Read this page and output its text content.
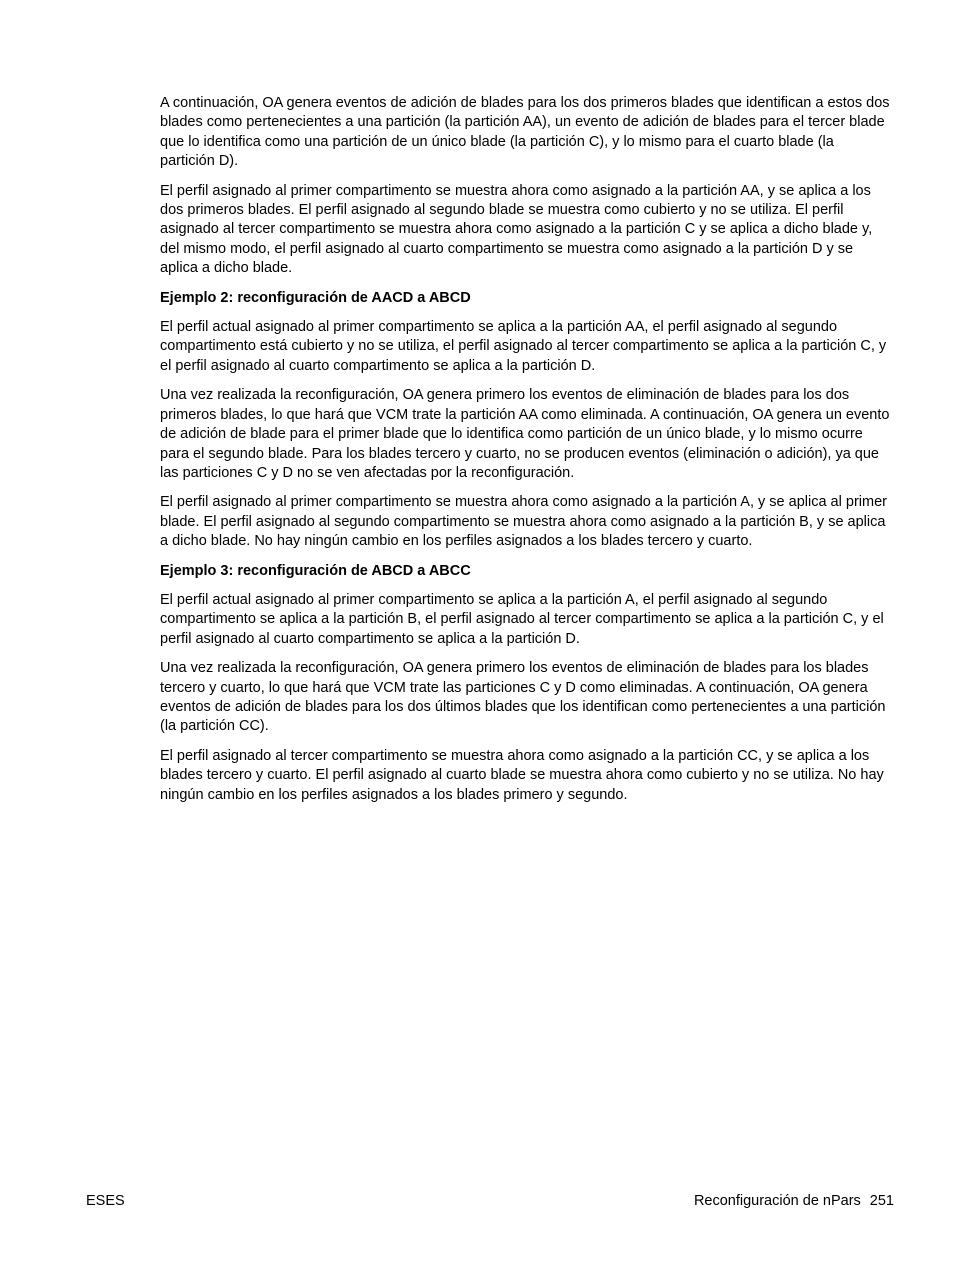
A continuación, OA genera eventos de adición de blades para los dos primeros blades que identifican a estos dos blades como pertenecientes a una partición (la partición AA), un evento de adición de blades para el tercer blade que lo identifica como una partición de un único blade (la partición C), y lo mismo para el cuarto blade (la partición D).

El perfil asignado al primer compartimento se muestra ahora como asignado a la partición AA, y se aplica a los dos primeros blades. El perfil asignado al segundo blade se muestra como cubierto y no se utiliza. El perfil asignado al tercer compartimento se muestra ahora como asignado a la partición C y se aplica a dicho blade y, del mismo modo, el perfil asignado al cuarto compartimento se muestra como asignado a la partición D y se aplica a dicho blade.

Ejemplo 2: reconfiguración de AACD a ABCD

El perfil actual asignado al primer compartimento se aplica a la partición AA, el perfil asignado al segundo compartimento está cubierto y no se utiliza, el perfil asignado al tercer compartimento se aplica a la partición C, y el perfil asignado al cuarto compartimento se aplica a la partición D.

Una vez realizada la reconfiguración, OA genera primero los eventos de eliminación de blades para los dos primeros blades, lo que hará que VCM trate la partición AA como eliminada. A continuación, OA genera un evento de adición de blade para el primer blade que lo identifica como partición de un único blade, y lo mismo ocurre para el segundo blade. Para los blades tercero y cuarto, no se producen eventos (eliminación o adición), ya que las particiones C y D no se ven afectadas por la reconfiguración.

El perfil asignado al primer compartimento se muestra ahora como asignado a la partición A, y se aplica al primer blade. El perfil asignado al segundo compartimento se muestra ahora como asignado a la partición B, y se aplica a dicho blade. No hay ningún cambio en los perfiles asignados a los blades tercero y cuarto.

Ejemplo 3: reconfiguración de ABCD a ABCC

El perfil actual asignado al primer compartimento se aplica a la partición A, el perfil asignado al segundo compartimento se aplica a la partición B, el perfil asignado al tercer compartimento se aplica a la partición C, y el perfil asignado al cuarto compartimento se aplica a la partición D.

Una vez realizada la reconfiguración, OA genera primero los eventos de eliminación de blades para los blades tercero y cuarto, lo que hará que VCM trate las particiones C y D como eliminadas. A continuación, OA genera eventos de adición de blades para los dos últimos blades que los identifican como pertenecientes a una partición (la partición CC).

El perfil asignado al tercer compartimento se muestra ahora como asignado a la partición CC, y se aplica a los blades tercero y cuarto. El perfil asignado al cuarto blade se muestra ahora como cubierto y no se utiliza. No hay ningún cambio en los perfiles asignados a los blades primero y segundo.

ESES	Reconfiguración de nPars 251
